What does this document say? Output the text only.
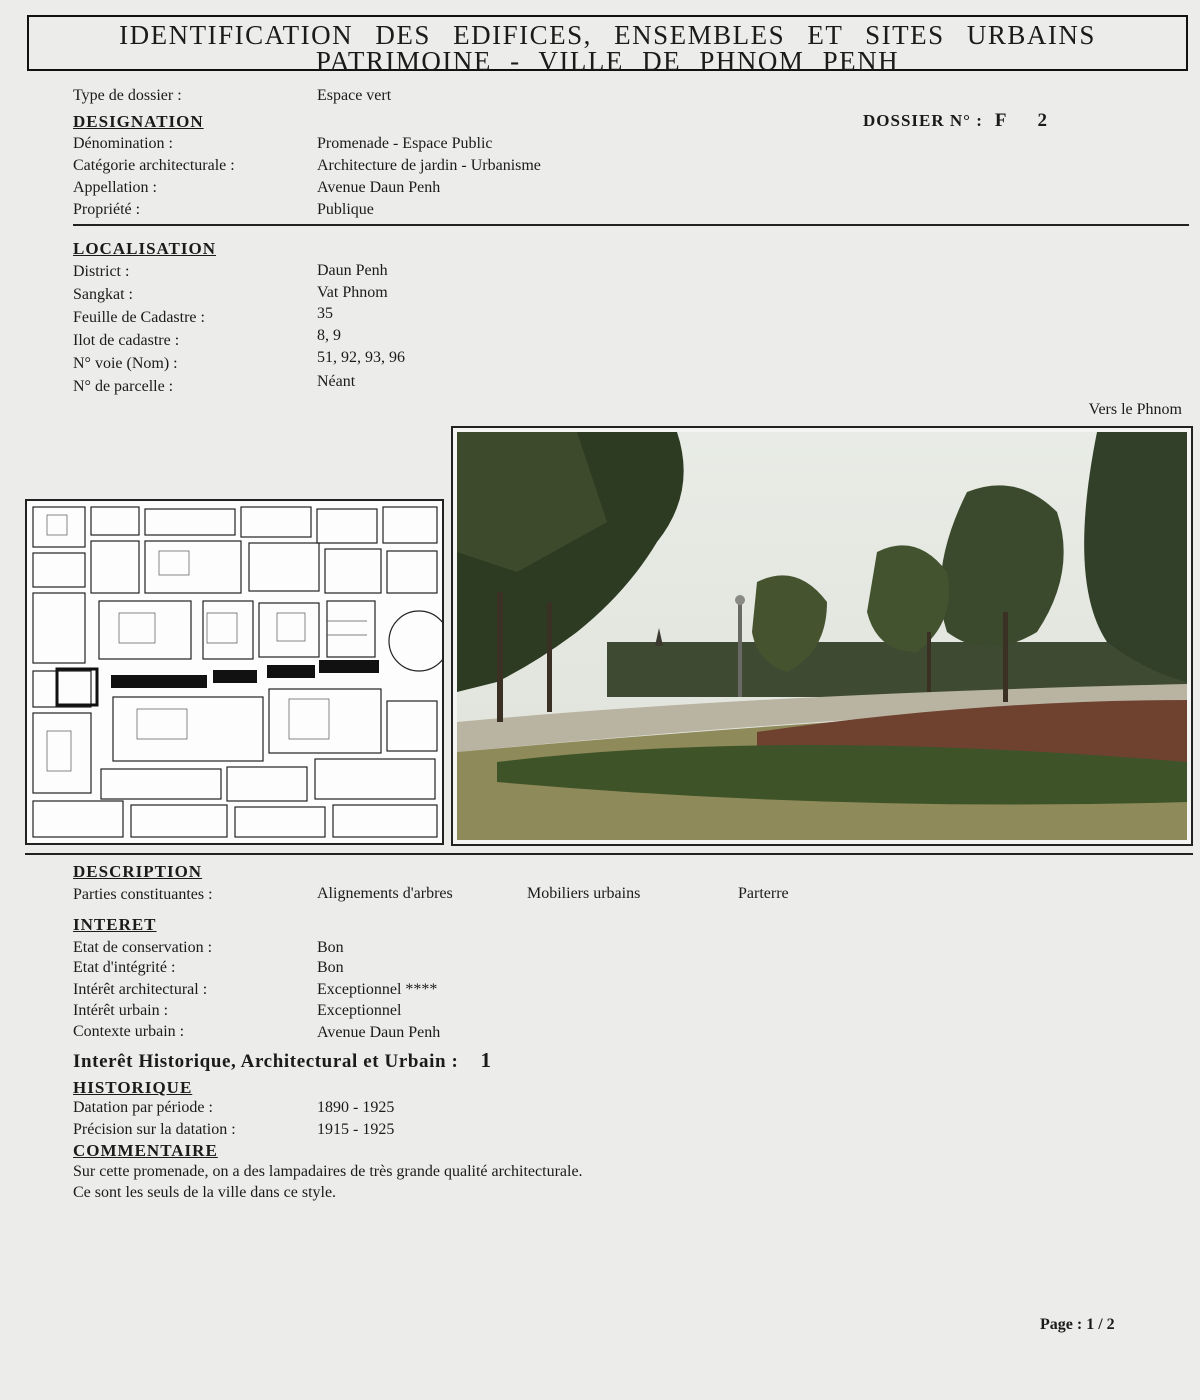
IDENTIFICATION DES EDIFICES, ENSEMBLES ET SITES URBAINS
PATRIMOINE - VILLE DE PHNOM PENH
Type de dossier :	Espace vert
DESIGNATION	DOSSIER N° : F 2
Dénomination :	Promenade - Espace Public
Catégorie architecturale :	Architecture de jardin - Urbanisme
Appellation :	Avenue Daun Penh
Propriété :	Publique
LOCALISATION
District :	Daun Penh
Sangkat :	Vat Phnom
Feuille de Cadastre :	35
Ilot de cadastre :	8, 9
N° voie (Nom) :	51, 92, 93, 96
N° de parcelle :	Néant
Vers le Phnom
DESCRIPTION
Parties constituantes :	Alignements d'arbres	Mobiliers urbains	Parterre
INTERET
Etat de conservation :	Bon
Etat d'intégrité :	Bon
Intérêt architectural :	Exceptionnel ****
Intérêt urbain :	Exceptionnel
Contexte urbain :	Avenue Daun Penh
Interêt Historique, Architectural et Urbain : 1
HISTORIQUE
Datation par période :	1890 - 1925
Précision sur la datation :	1915 - 1925
COMMENTAIRE
Sur cette promenade, on a des lampadaires de très grande qualité architecturale.
Ce sont les seuls de la ville dans ce style.
Page : 1 / 2
